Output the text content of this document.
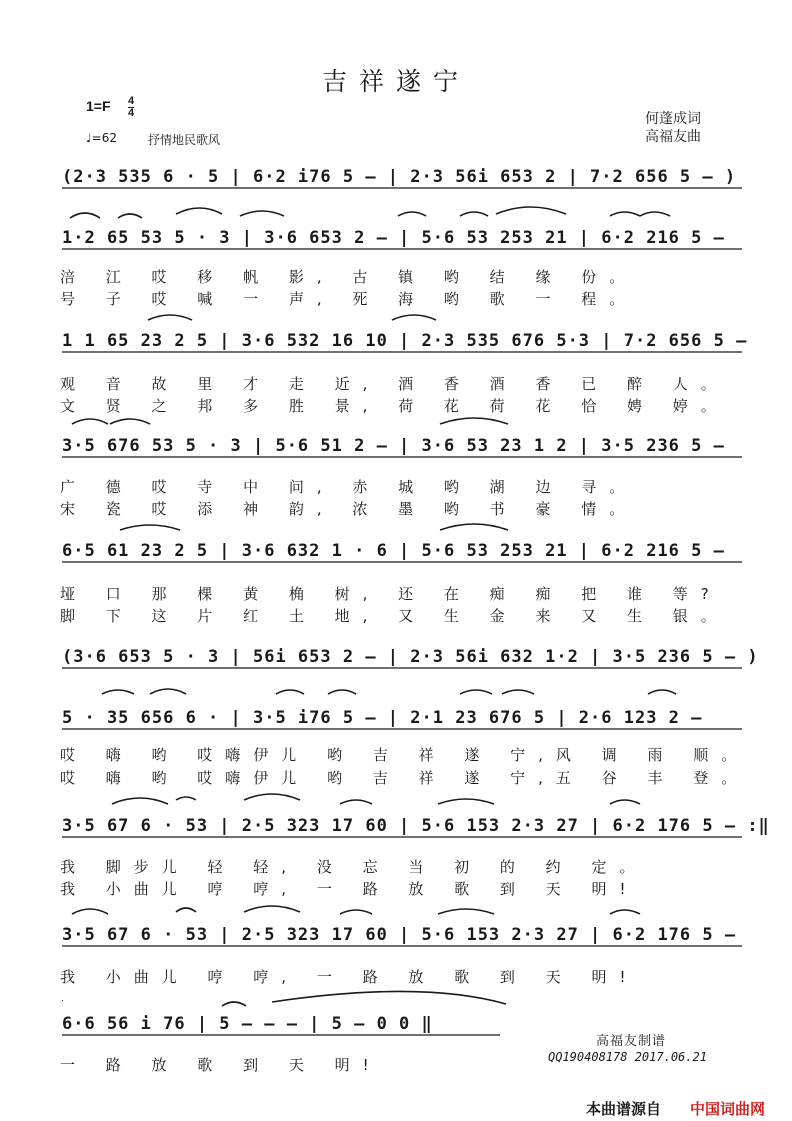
吉祥遂宁
1=F 4
4
♩=62	抒情地民歌风
何蓬成词
高福友曲
(2·3 535 6 · 5 | 6·2 i76 5 – | 2·3 56i 653 2 | 7·2 656 5 – )
1·2 65 53 5 · 3 | 3·6 653 2 – | 5·6 53 253 21 | 6·2 216 5 –
涪 江 哎 移 帆 影, 古 镇 哟 结 缘 份。
号 子 哎 喊 一 声, 死 海 哟 歌 一 程。
1 1 65 23 2 5 | 3·6 532 16 10 | 2·3 535 676 5·3 | 7·2 656 5 –
观 音 故 里 才 走 近, 酒 香 酒 香 已 醉 人。
文 贤 之 邦 多 胜 景, 荷 花 荷 花 恰 娉 婷。
3·5 676 53 5 · 3 | 5·6 51 2 – | 3·6 53 23 1 2 | 3·5 236 5 –
广 德 哎 寺 中 问, 赤 城 哟 湖 边 寻。
宋 瓷 哎 添 神 韵, 浓 墨 哟 书 豪 情。
6·5 61 23 2 5 | 3·6 632 1 · 6 | 5·6 53 253 21 | 6·2 216 5 –
垭 口 那 棵 黄 桷 树, 还 在 痴 痴 把 谁 等?
脚 下 这 片 红 土 地, 又 生 金 来 又 生 银。
(3·6 653 5 · 3 | 56i 653 2 – | 2·3 56i 632 1·2 | 3·5 236 5 – )
5 · 35 656 6 · | 3·5 i76 5 – | 2·1 23 676 5 | 2·6 123 2 –
哎 嗨 哟 哎嗨伊儿 哟 吉 祥 遂 宁,风 调 雨 顺。
哎 嗨 哟 哎嗨伊儿 哟 吉 祥 遂 宁,五 谷 丰 登。
3·5 67 6 · 53 | 2·5 323 17 60 | 5·6 153 2·3 27 | 6·2 176 5 – :‖
我 脚步儿 轻 轻, 没 忘 当 初 的 约 定。
我 小曲儿 哼 哼, 一 路 放 歌 到 天 明!
3·5 67 6 · 53 | 2·5 323 17 60 | 5·6 153 2·3 27 | 6·2 176 5 –
我 小曲儿 哼 哼, 一 路 放 歌 到 天 明!
6·6 56 i 76 | 5 – – – | 5 – 0 0 ‖
一 路 放 歌 到 天 明!
高福友制谱
QQ190408178 2017.06.21
本曲谱源自 中国词曲网
